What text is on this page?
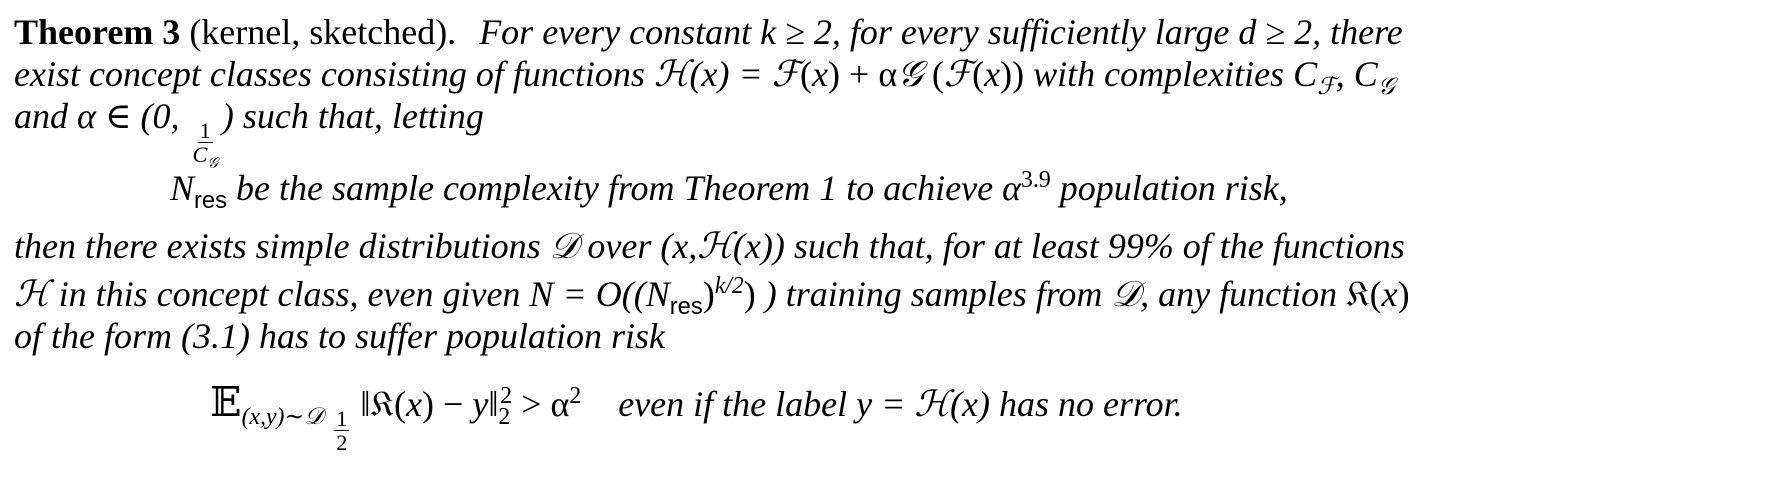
Theorem 3 (kernel, sketched). For every constant k ≥ 2, for every sufficiently large d ≥ 2, there
exist concept classes consisting of functions ℋ(x) = ℱ(x) + α𝒢 (ℱ(x)) with complexities $C_ℱ$, $C_𝒢$
and α ∈ (0,
$\frac{1}{C_𝒢}$
) such that, letting
$N_{res}$ be the sample complexity from Theorem 1 to achieve $\alpha^{3.9}$ population risk,
then there exists simple distributions 𝒟 over (x,ℋ(x)) such that, for at least 99% of the functions
ℋ in this concept class, even given $N = O((N_{res})^{k/2})$ ) training samples from 𝒟, any function 𝔎(x)
of the form (3.1) has to suffer population risk
𝔼$_{(x,y)\sim 𝒟}$ $\frac{1}{2}$
‖𝔎(x) − $y‖_2^2 > \alpha^2$ even if the label y = ℋ(x) has no error.
